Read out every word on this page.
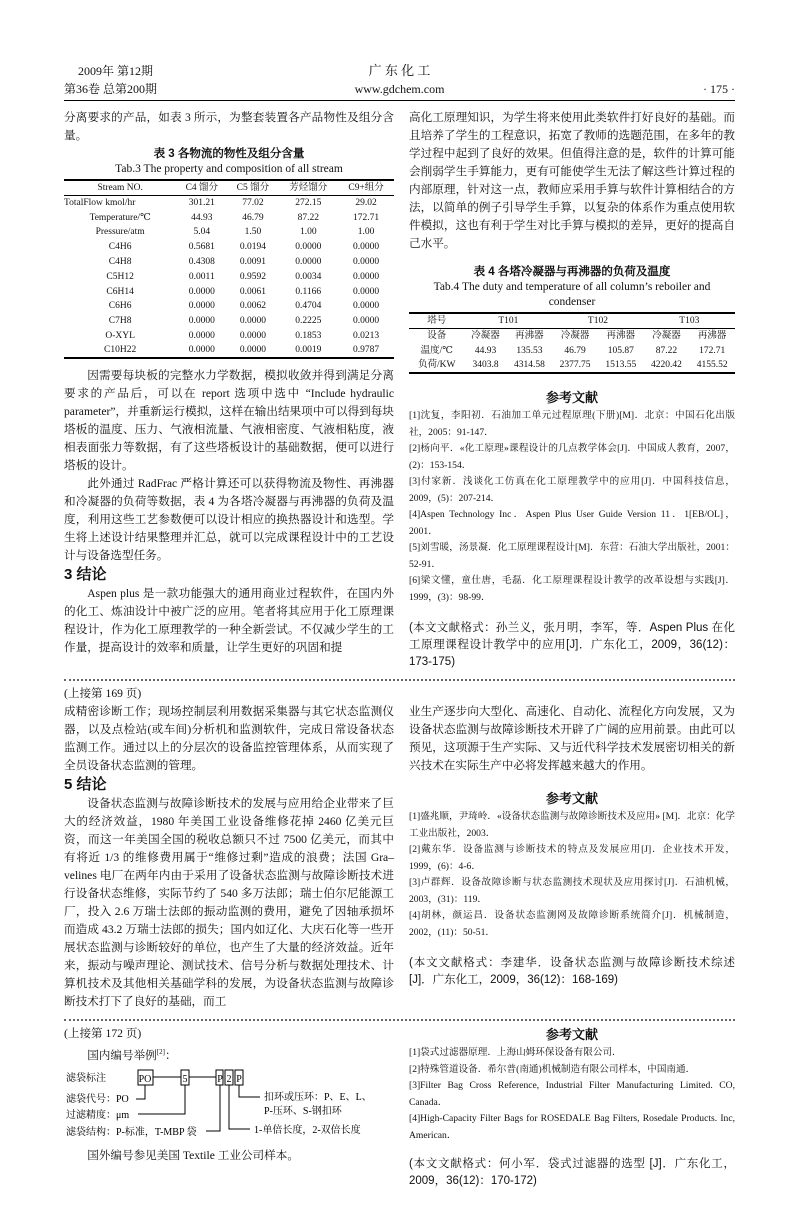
2009年 第12期	广 东 化 工
第36卷 总第200期	www.gdchem.com	· 175 ·

分离要求的产品，如表 3 所示，为整套装置各产品物性及组分含量。

表 3 各物流的物性及组分含量
Tab.3 The property and composition of all stream
Stream NO.	C4 馏分	C5 馏分	芳烃馏分	C9+组分
TotalFlow kmol/hr	301.21	77.02	272.15	29.02
Temperature/℃	44.93	46.79	87.22	172.71
Pressure/atm	5.04	1.50	1.00	1.00
C4H6	0.5681	0.0194	0.0000	0.0000
C4H8	0.4308	0.0091	0.0000	0.0000
C5H12	0.0011	0.9592	0.0034	0.0000
C6H14	0.0000	0.0061	0.1166	0.0000
C6H6	0.0000	0.0062	0.4704	0.0000
C7H8	0.0000	0.0000	0.2225	0.0000
O-XYL	0.0000	0.0000	0.1853	0.0213
C10H22	0.0000	0.0000	0.0019	0.9787

因需要每块板的完整水力学数据，模拟收敛并得到满足分离要求的产品后，可以在 report 选项中选中 “Include hydraulic parameter”，并重新运行模拟，这样在输出结果项中可以得到每块塔板的温度、压力、气液相流量、气液相密度、气液相粘度，液相表面张力等数据，有了这些塔板设计的基础数据，便可以进行塔板的设计。

此外通过 RadFrac 严格计算还可以获得物流及物性、再沸器和冷凝器的负荷等数据，表 4 为各塔冷凝器与再沸器的负荷及温度，利用这些工艺参数便可以设计相应的换热器设计和选型。学生将上述设计结果整理并汇总，就可以完成课程设计中的工艺设计与设备选型任务。

3 结论

Aspen plus 是一款功能强大的通用商业过程软件，在国内外的化工、炼油设计中被广泛的应用。笔者将其应用于化工原理课程设计，作为化工原理教学的一种全新尝试。不仅减少学生的工作量，提高设计的效率和质量，让学生更好的巩固和提

高化工原理知识，为学生将来使用此类软件打好良好的基础。而且培养了学生的工程意识，拓宽了教师的选题范围，在多年的教学过程中起到了良好的效果。但值得注意的是，软件的计算可能会削弱学生手算能力，更有可能使学生无法了解这些计算过程的内部原理，针对这一点，教师应采用手算与软件计算相结合的方法，以简单的例子引导学生手算，以复杂的体系作为重点使用软件模拟，这也有利于学生对比手算与模拟的差异，更好的提高自己水平。

表 4 各塔冷凝器与再沸器的负荷及温度
Tab.4 The duty and temperature of all column’s reboiler and condenser
塔号	T101		T102		T103	
设备	冷凝器	再沸器	冷凝器	再沸器	冷凝器	再沸器
温度/℃	44.93	135.53	46.79	105.87	87.22	172.71
负荷/KW	3403.8	4314.58	2377.75	1513.55	4220.42	4155.52
参考文献
[1]沈复，李阳初．石油加工单元过程原理(下册)[M]．北京：中国石化出版社，2005：91-147．
[2]杨向平．«化工原理»课程设计的几点教学体会[J]．中国成人教育，2007，(2)：153-154．
[3]付家新．浅谈化工仿真在化工原理教学中的应用[J]．中国科技信息，2009，(5)：207-214．
[4]Aspen Technology Inc．Aspen Plus User Guide Version 11．1[EB/OL]，2001．
[5]刘雪暖，汤景凝．化工原理课程设计[M]．东营：石油大学出版社，2001：52-91．
[6]梁文懂，童仕唐，毛磊．化工原理课程设计教学的改革设想与实践[J]．1999，(3)：98-99．
(本文文献格式：孙兰义，张月明，李军，等．Aspen Plus 在化工原理课程设计教学中的应用[J]．广东化工，2009，36(12)：173-175)

(上接第 169 页)

成精密诊断工作；现场控制层利用数据采集器与其它状态监测仪器，以及点检站(或车间)分析机和监测软件，完成日常设备状态监测工作。通过以上的分层次的设备监控管理体系，从而实现了全员设备状态监测的管理。

5 结论

设备状态监测与故障诊断技术的发展与应用给企业带来了巨大的经济效益，1980 年美国工业设备维修花掉 2460 亿美元巨资，而这一年美国全国的税收总额只不过 7500 亿美元，而其中有将近 1/3 的维修费用属于“维修过剩”造成的浪费；法国 Gra–velines 电厂在两年内由于采用了设备状态监测与故障诊断技术进行设备状态维修，实际节约了 540 多万法郎；瑞士伯尔尼能源工厂，投入 2.6 万瑞士法郎的振动监测的费用，避免了因轴承损坏而造成 43.2 万瑞士法郎的损失；国内如辽化、大庆石化等一些开展状态监测与诊断较好的单位，也产生了大量的经济效益。近年来，振动与噪声理论、测试技术、信号分析与数据处理技术、计算机技术及其他相关基础学科的发展，为设备状态监测与故障诊断技术打下了良好的基础，而工

业生产逐步向大型化、高速化、自动化、流程化方向发展，又为设备状态监测与故障诊断技术开辟了广阔的应用前景。由此可以预见，这项源于生产实际、又与近代科学技术发展密切相关的新兴技术在实际生产中必将发挥越来越大的作用。

参考文献
[1]盛兆顺，尹琦岭．«设备状态监测与故障诊断技术及应用» [M]．北京：化学工业出版社，2003．
[2]戴东华．设备监测与诊断技术的特点及发展应用[J]．企业技术开发，1999，(6)：4-6．
[3]卢群辉．设备故障诊断与状态监测技术现状及应用探讨[J]．石油机械，2003，(31)：119．
[4]胡林，颜运昌．设备状态监测网及故障诊断系统简介[J]．机械制造，2002，(11)：50-51．
(本文文献格式：李建华．设备状态监测与故障诊断技术综述[J]．广东化工，2009，36(12)：168-169)

(上接第 172 页)

国内编号举例[2]：

滤袋标注	PO	5	P 2 P
滤袋代号：PO
过滤精度：μm
滤袋结构：P-标准，T-MBP 袋
扣环或压环：P、E、L、
P-压环、S-钢扣环
1-单倍长度，2-双倍长度

国外编号参见美国 Textile 工业公司样本。

参考文献
[1]袋式过滤器原理．上海山姆环保设备有限公司．
[2]特殊管道设备．希尔普(南通)机械制造有限公司样本，中国南通．
[3]Filter Bag Cross Reference, Industrial Filter Manufacturing Limited. CO, Canada．
[4]High-Capacity Filter Bags for ROSEDALE Bag Filters, Rosedale Products. Inc, American．
(本文文献格式：何小军．袋式过滤器的选型 [J]．广东化工，2009，36(12)：170-172)
